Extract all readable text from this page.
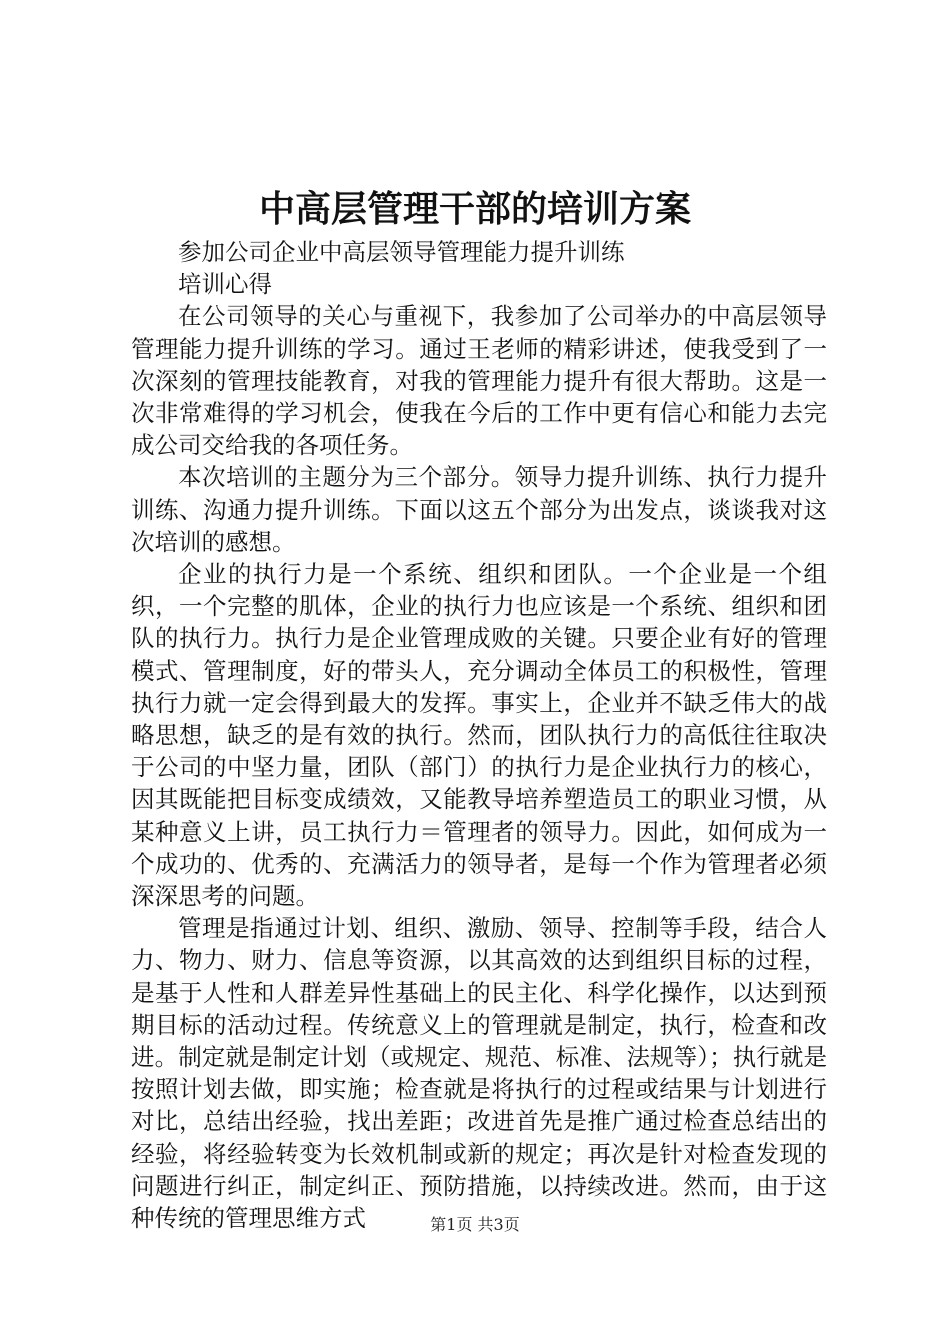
中高层管理干部的培训方案

参加公司企业中高层领导管理能力提升训练

培训心得

在公司领导的关心与重视下，我参加了公司举办的中高层领导管理能力提升训练的学习。通过王老师的精彩讲述，使我受到了一次深刻的管理技能教育，对我的管理能力提升有很大帮助。这是一次非常难得的学习机会，使我在今后的工作中更有信心和能力去完成公司交给我的各项任务。

本次培训的主题分为三个部分。领导力提升训练、执行力提升训练、沟通力提升训练。下面以这五个部分为出发点，谈谈我对这次培训的感想。

企业的执行力是一个系统、组织和团队。一个企业是一个组织，一个完整的肌体，企业的执行力也应该是一个系统、组织和团队的执行力。执行力是企业管理成败的关键。只要企业有好的管理模式、管理制度，好的带头人，充分调动全体员工的积极性，管理执行力就一定会得到最大的发挥。事实上，企业并不缺乏伟大的战略思想，缺乏的是有效的执行。然而，团队执行力的高低往往取决于公司的中坚力量，团队（部门）的执行力是企业执行力的核心，因其既能把目标变成绩效，又能教导培养塑造员工的职业习惯，从某种意义上讲，员工执行力＝管理者的领导力。因此，如何成为一个成功的、优秀的、充满活力的领导者，是每一个作为管理者必须深深思考的问题。

管理是指通过计划、组织、激励、领导、控制等手段，结合人力、物力、财力、信息等资源，以其高效的达到组织目标的过程，是基于人性和人群差异性基础上的民主化、科学化操作，以达到预期目标的活动过程。传统意义上的管理就是制定，执行，检查和改进。制定就是制定计划（或规定、规范、标准、法规等）；执行就是按照计划去做，即实施；检查就是将执行的过程或结果与计划进行对比，总结出经验，找出差距；改进首先是推广通过检查总结出的经验，将经验转变为长效机制或新的规定；再次是针对检查发现的问题进行纠正，制定纠正、预防措施，以持续改进。然而，由于这种传统的管理思维方式	第1页 共3页
